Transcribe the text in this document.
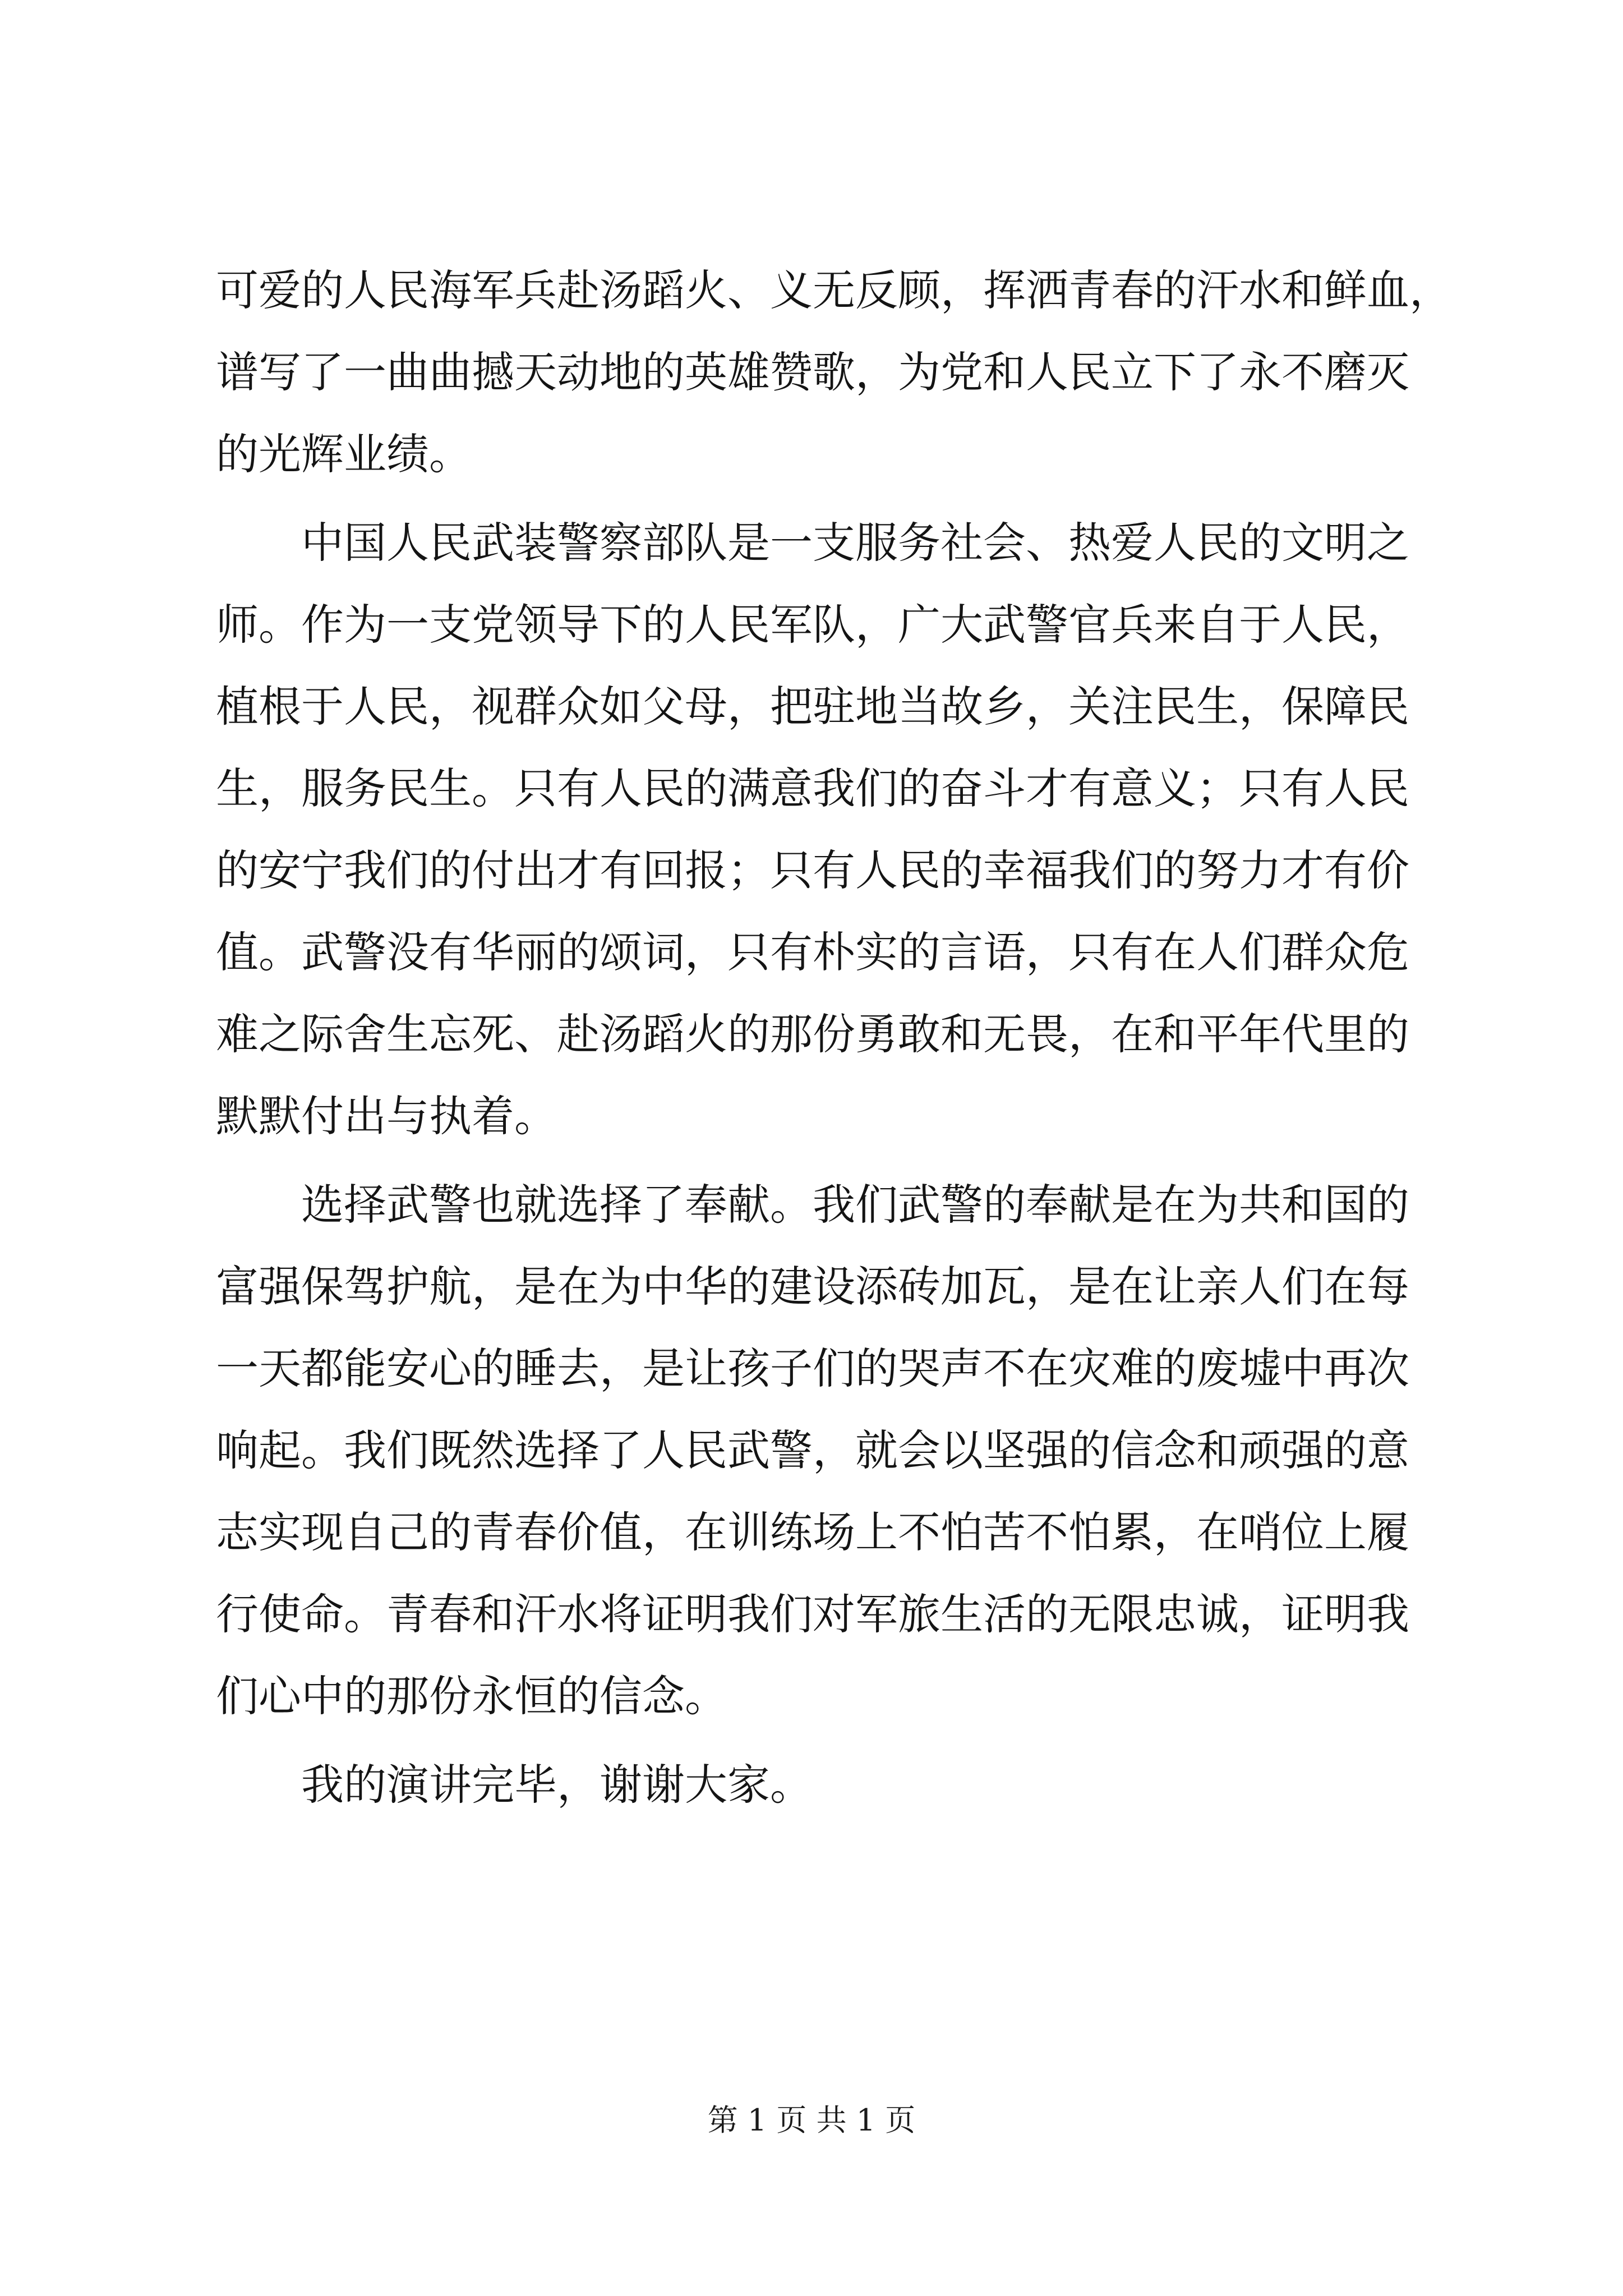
可爱的人民海军兵赴汤蹈火、义无反顾，挥洒青春的汗水和鲜血，
谱写了一曲曲撼天动地的英雄赞歌，为党和人民立下了永不磨灭
的光辉业绩。
　　中国人民武装警察部队是一支服务社会、热爱人民的文明之
师。作为一支党领导下的人民军队，广大武警官兵来自于人民，
植根于人民，视群众如父母，把驻地当故乡，关注民生，保障民
生，服务民生。只有人民的满意我们的奋斗才有意义；只有人民
的安宁我们的付出才有回报；只有人民的幸福我们的努力才有价
值。武警没有华丽的颂词，只有朴实的言语，只有在人们群众危
难之际舍生忘死、赴汤蹈火的那份勇敢和无畏，在和平年代里的
默默付出与执着。
　　选择武警也就选择了奉献。我们武警的奉献是在为共和国的
富强保驾护航，是在为中华的建设添砖加瓦，是在让亲人们在每
一天都能安心的睡去，是让孩子们的哭声不在灾难的废墟中再次
响起。我们既然选择了人民武警，就会以坚强的信念和顽强的意
志实现自己的青春价值，在训练场上不怕苦不怕累，在哨位上履
行使命。青春和汗水将证明我们对军旅生活的无限忠诚，证明我
们心中的那份永恒的信念。
　　我的演讲完毕，谢谢大家。
第 1 页 共 1 页
